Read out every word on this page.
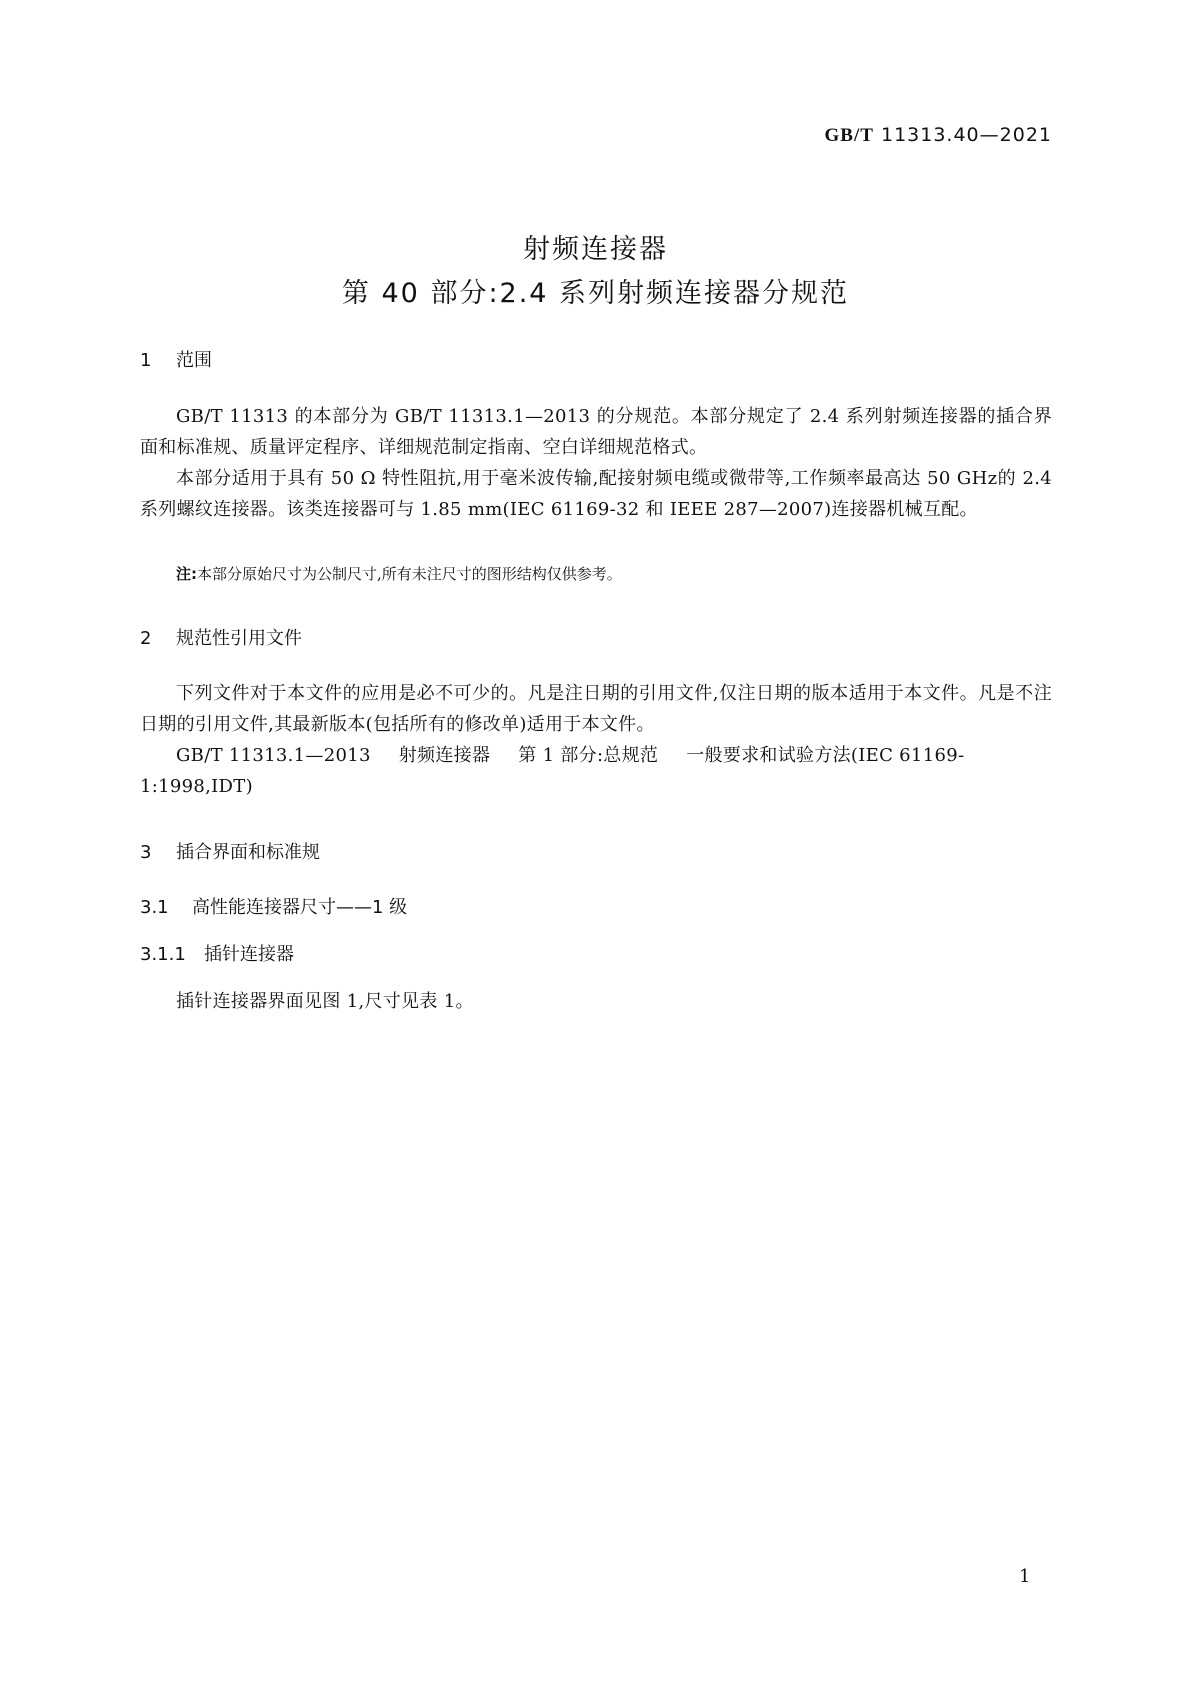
GB/T 11313.40—2021
射频连接器
第 40 部分:2.4 系列射频连接器分规范
1 范围
GB/T 11313 的本部分为 GB/T 11313.1—2013 的分规范。本部分规定了 2.4 系列射频连接器的插合界面和标准规、质量评定程序、详细规范制定指南、空白详细规范格式。
本部分适用于具有 50 Ω 特性阻抗,用于毫米波传输,配接射频电缆或微带等,工作频率最高达 50 GHz的 2.4 系列螺纹连接器。该类连接器可与 1.85 mm(IEC 61169-32 和 IEEE 287—2007)连接器机械互配。
注:本部分原始尺寸为公制尺寸,所有未注尺寸的图形结构仅供参考。
2 规范性引用文件
下列文件对于本文件的应用是必不可少的。凡是注日期的引用文件,仅注日期的版本适用于本文件。凡是不注日期的引用文件,其最新版本(包括所有的修改单)适用于本文件。
GB/T 11313.1—2013 射频连接器 第 1 部分:总规范 一般要求和试验方法(IEC 61169-1:1998,IDT)
3 插合界面和标准规
3.1 高性能连接器尺寸——1 级
3.1.1 插针连接器
插针连接器界面见图 1,尺寸见表 1。
1
